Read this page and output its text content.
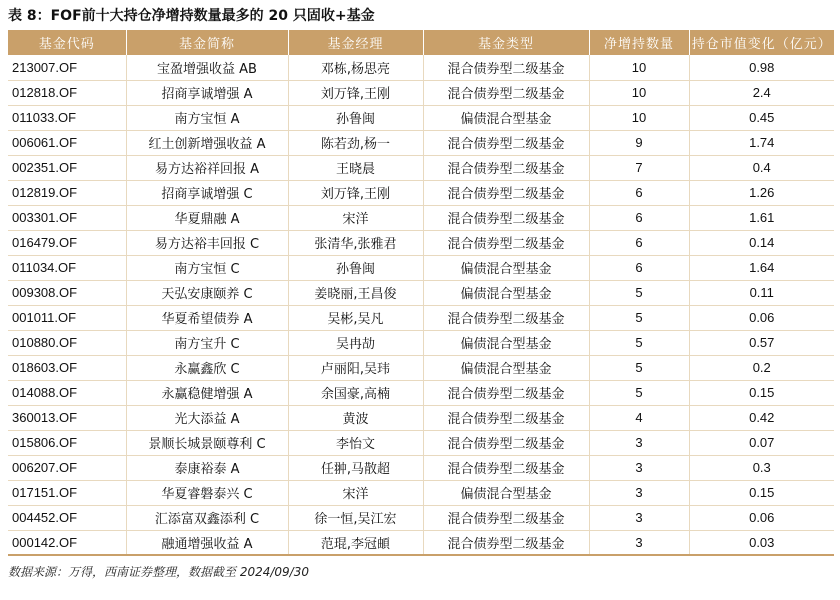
表 8：FOF前十大持仓净增持数量最多的 20 只固收+基金
基金代码	基金简称	基金经理	基金类型	净增持数量	持仓市值变化（亿元）
213007.OF	宝盈增强收益 AB	邓栋,杨思亮	混合债券型二级基金	10	0.98
012818.OF	招商享诚增强 A	刘万锋,王刚	混合债券型二级基金	10	2.4
011033.OF	南方宝恒 A	孙鲁闽	偏债混合型基金	10	0.45
006061.OF	红土创新增强收益 A	陈若劲,杨一	混合债券型二级基金	9	1.74
002351.OF	易方达裕祥回报 A	王晓晨	混合债券型二级基金	7	0.4
012819.OF	招商享诚增强 C	刘万锋,王刚	混合债券型二级基金	6	1.26
003301.OF	华夏鼎融 A	宋洋	混合债券型二级基金	6	1.61
016479.OF	易方达裕丰回报 C	张清华,张雅君	混合债券型二级基金	6	0.14
011034.OF	南方宝恒 C	孙鲁闽	偏债混合型基金	6	1.64
009308.OF	天弘安康颐养 C	姜晓丽,王昌俊	偏债混合型基金	5	0.11
001011.OF	华夏希望债券 A	吴彬,吴凡	混合债券型二级基金	5	0.06
010880.OF	南方宝升 C	吴冉劼	偏债混合型基金	5	0.57
018603.OF	永赢鑫欣 C	卢丽阳,吴玮	偏债混合型基金	5	0.2
014088.OF	永赢稳健增强 A	余国豪,高楠	混合债券型二级基金	5	0.15
360013.OF	光大添益 A	黄波	混合债券型二级基金	4	0.42
015806.OF	景顺长城景颐尊利 C	李怡文	混合债券型二级基金	3	0.07
006207.OF	泰康裕泰 A	任翀,马散超	混合债券型二级基金	3	0.3
017151.OF	华夏睿磐泰兴 C	宋洋	偏债混合型基金	3	0.15
004452.OF	汇添富双鑫添利 C	徐一恒,吴江宏	混合债券型二级基金	3	0.06
000142.OF	融通增强收益 A	范琨,李冠頔	混合债券型二级基金	3	0.03
数据来源：万得，西南证券整理，数据截至 2024/09/30
